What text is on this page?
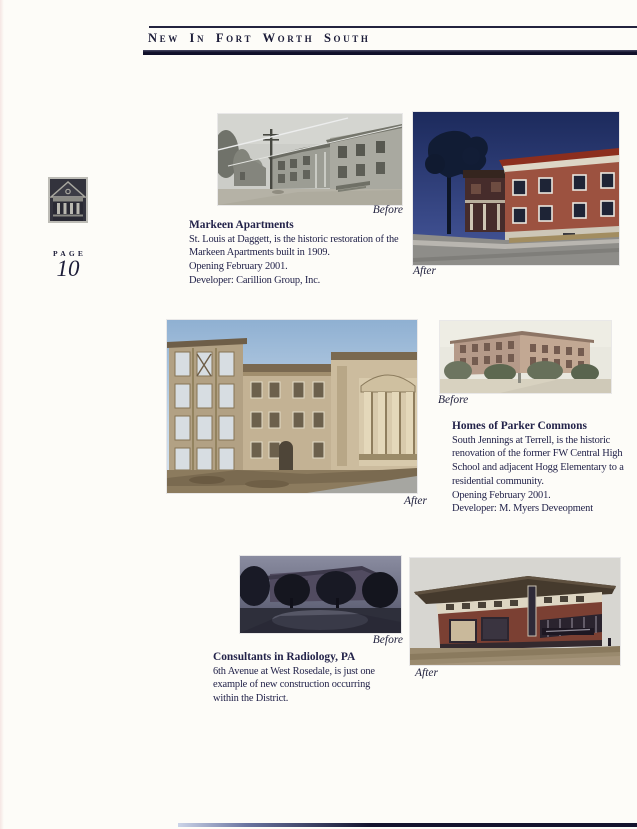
New In Fort Worth South
PAGE
10
Before
After
Markeen Apartments

St. Louis at Daggett, is the historic restoration of the Markeen Apartments built in 1909.

Opening February 2001.

Developer: Carillion Group, Inc.

After
Before
Homes of Parker Commons

South Jennings at Terrell, is the historic renovation of the former FW Central High School and adjacent Hogg Elementary to a residential community.

Opening February 2001.

Developer: M. Myers Deveopment

Before
After
Consultants in Radiology, PA

6th Avenue at West Rosedale, is just one example of new construction occurring within the District.
